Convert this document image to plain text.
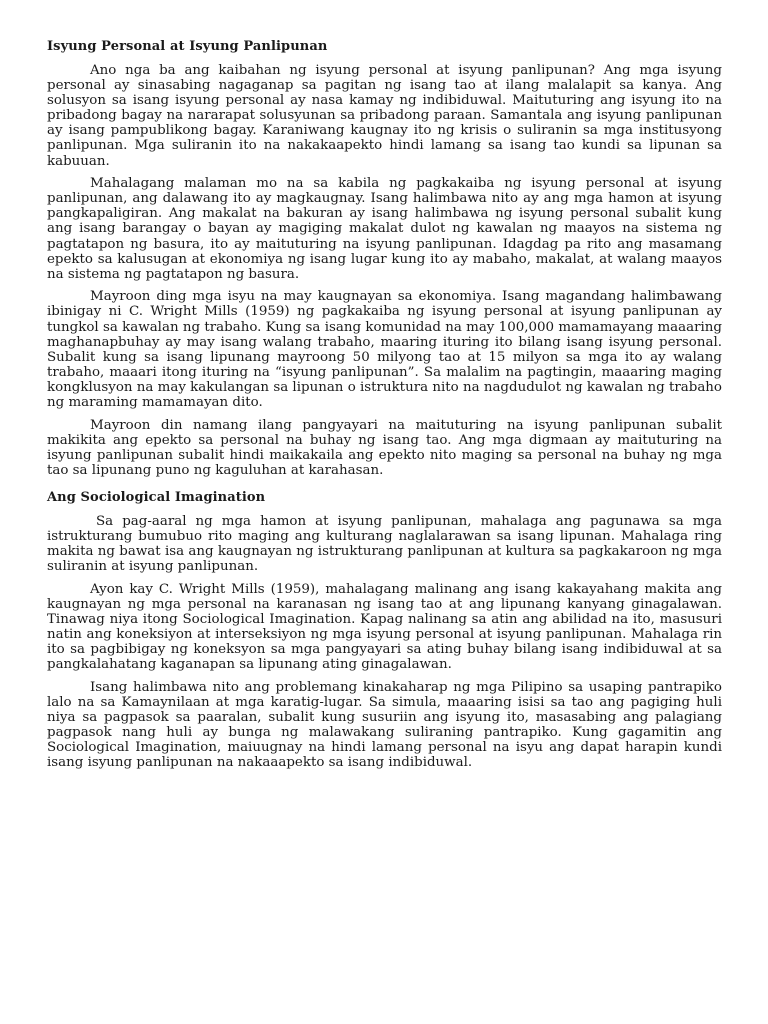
Isyung Personal at Isyung Panlipunan

Ano nga ba ang kaibahan ng isyung personal at isyung panlipunan? Ang mga isyung personal ay sinasabing nagaganap sa pagitan ng isang tao at ilang malalapit sa kanya. Ang solusyon sa isang isyung personal ay nasa kamay ng indibiduwal. Maituturing ang isyung ito na pribadong bagay na nararapat solusyunan sa pribadong paraan. Samantala ang isyung panlipunan ay isang pampublikong bagay. Karaniwang kaugnay ito ng krisis o suliranin sa mga institusyong panlipunan. Mga suliranin ito na nakakaapekto hindi lamang sa isang tao kundi sa lipunan sa kabuuan.

Mahalagang malaman mo na sa kabila ng pagkakaiba ng isyung personal at isyung panlipunan, ang dalawang ito ay magkaugnay. Isang halimbawa nito ay ang mga hamon at isyung pangkapaligiran. Ang makalat na bakuran ay isang halimbawa ng isyung personal subalit kung ang isang barangay o bayan ay magiging makalat dulot ng kawalan ng maayos na sistema ng pagtatapon ng basura, ito ay maituturing na isyung panlipunan. Idagdag pa rito ang masamang epekto sa kalusugan at ekonomiya ng isang lugar kung ito ay mabaho, makalat, at walang maayos na sistema ng pagtatapon ng basura.

Mayroon ding mga isyu na may kaugnayan sa ekonomiya. Isang magandang halimbawang ibinigay ni C. Wright Mills (1959) ng pagkakaiba ng isyung personal at isyung panlipunan ay tungkol sa kawalan ng trabaho. Kung sa isang komunidad na may 100,000 mamamayang maaaring maghanapbuhay ay may isang walang trabaho, maaring ituring ito bilang isang isyung personal. Subalit kung sa isang lipunang mayroong 50 milyong tao at 15 milyon sa mga ito ay walang trabaho, maaari itong ituring na “isyung panlipunan”. Sa malalim na pagtingin, maaaring maging kongklusyon na may kakulangan sa lipunan o istruktura nito na nagdudulot ng kawalan ng trabaho ng maraming mamamayan dito.

Mayroon din namang ilang pangyayari na maituturing na isyung panlipunan subalit makikita ang epekto sa personal na buhay ng isang tao. Ang mga digmaan ay maituturing na isyung panlipunan subalit hindi maikakaila ang epekto nito maging sa personal na buhay ng mga tao sa lipunang puno ng kaguluhan at karahasan.

Ang Sociological Imagination

Sa pag-aaral ng mga hamon at isyung panlipunan, mahalaga ang pagunawa sa mga istrukturang bumubuo rito maging ang kulturang naglalarawan sa isang lipunan. Mahalaga ring makita ng bawat isa ang kaugnayan ng istrukturang panlipunan at kultura sa pagkakaroon ng mga suliranin at isyung panlipunan.

Ayon kay C. Wright Mills (1959), mahalagang malinang ang isang kakayahang makita ang kaugnayan ng mga personal na karanasan ng isang tao at ang lipunang kanyang ginagalawan. Tinawag niya itong Sociological Imagination. Kapag nalinang sa atin ang abilidad na ito, masusuri natin ang koneksiyon at interseksiyon ng mga isyung personal at isyung panlipunan. Mahalaga rin ito sa pagbibigay ng koneksyon sa mga pangyayari sa ating buhay bilang isang indibiduwal at sa pangkalahatang kaganapan sa lipunang ating ginagalawan.

Isang halimbawa nito ang problemang kinakaharap ng mga Pilipino sa usaping pantrapiko lalo na sa Kamaynilaan at mga karatig-lugar. Sa simula, maaaring isisi sa tao ang pagiging huli niya sa pagpasok sa paaralan, subalit kung susuriin ang isyung ito, masasabing ang palagiang pagpasok nang huli ay bunga ng malawakang suliraning pantrapiko. Kung gagamitin ang Sociological Imagination, maiuugnay na hindi lamang personal na isyu ang dapat harapin kundi isang isyung panlipunan na nakaaapekto sa isang indibiduwal.
